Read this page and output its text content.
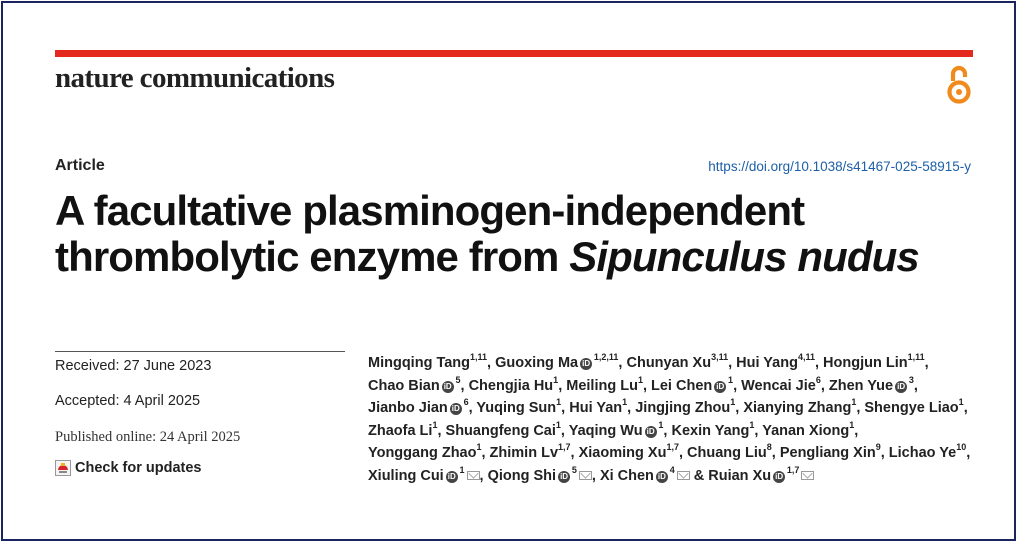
nature communications
Article	https://doi.org/10.1038/s41467-025-58915-y
A facultative plasminogen-independent
thrombolytic enzyme from Sipunculus nudus
Received: 27 June 2023
Accepted: 4 April 2025
Published online: 24 April 2025
Check for updates
Mingqing Tang$^{1,11}$, Guoxing Ma iD $^{1,2,11}$, Chunyan Xu$^{3,11}$, Hui Yang$^{4,11}$, Hongjun Lin$^{1,11}$, Chao Bian iD $^5$, Chengjia Hu$^1$, Meiling Lu$^1$, Lei Chen iD $^1$, Wencai Jie$^6$, Zhen Yue iD $^3$, Jianbo Jian iD $^6$, Yuqing Sun$^1$, Hui Yan$^1$, Jingjing Zhou$^1$, Xianying Zhang$^1$, Shengye Liao$^1$, Zhaofa Li$^1$, Shuangfeng Cai$^1$, Yaqing Wu iD $^1$, Kexin Yang$^1$, Yanan Xiong$^1$, Yonggang Zhao$^1$, Zhimin Lv$^{1,7}$, Xiaoming Xu$^{1,7}$, Chuang Liu$^8$, Pengliang Xin$^9$, Lichao Ye$^{10}$, Xiuling Cui iD $^1$ , Qiong Shi iD $^5$ , Xi Chen iD $^4$ & Ruian Xu iD $^{1,7}$
